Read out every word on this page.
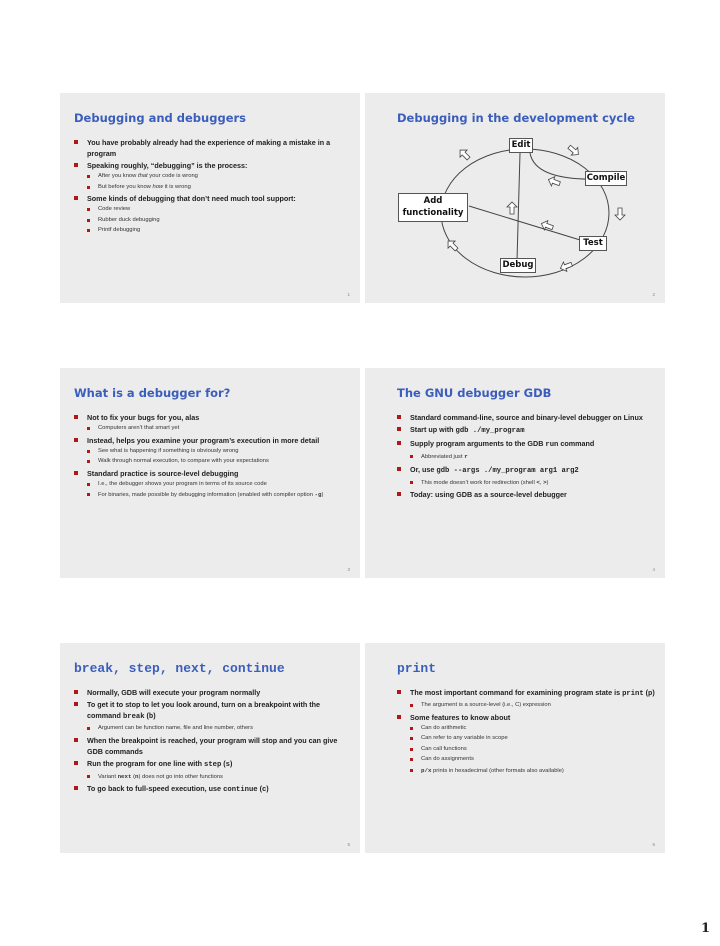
Debugging and debuggers
You have probably already had the experience of making a mistake in a program
Speaking roughly, “debugging” is the process:
After you know that your code is wrong
But before you know how it is wrong
Some kinds of debugging that don’t need much tool support:
Code review
Rubber duck debugging
Printf debugging
1
Debugging in the development cycle
Edit
Compile
Add
functionality
Test
Debug
2
What is a debugger for?
Not to fix your bugs for you, alas
Computers aren’t that smart yet
Instead, helps you examine your program’s execution in more detail
See what is happening if something is obviously wrong
Walk through normal execution, to compare with your expectations
Standard practice is source-level debugging
I.e., the debugger shows your program in terms of its source code
For binaries, made possible by debugging information (enabled with compiler option -g)
3
The GNU debugger GDB
Standard command-line, source and binary-level debugger on Linux
Start up with gdb ./my_program
Supply program arguments to the GDB run command
Abbreviated just r
Or, use gdb --args ./my_program arg1 arg2
This mode doesn’t work for redirection (shell <, >)
Today: using GDB as a source-level debugger
4
break, step, next, continue
Normally, GDB will execute your program normally
To get it to stop to let you look around, turn on a breakpoint with the command break (b)
Argument can be function name, file and line number, others
When the breakpoint is reached, your program will stop and you can give GDB commands
Run the program for one line with step (s)
Variant next (n) does not go into other functions
To go back to full-speed execution, use continue (c)
5
print
The most important command for examining program state is print (p)
The argument is a source-level (i.e., C) expression
Some features to know about
Can do arithmetic
Can refer to any variable in scope
Can call functions
Can do assignments
p/x prints in hexadecimal (other formats also available)
6
1
